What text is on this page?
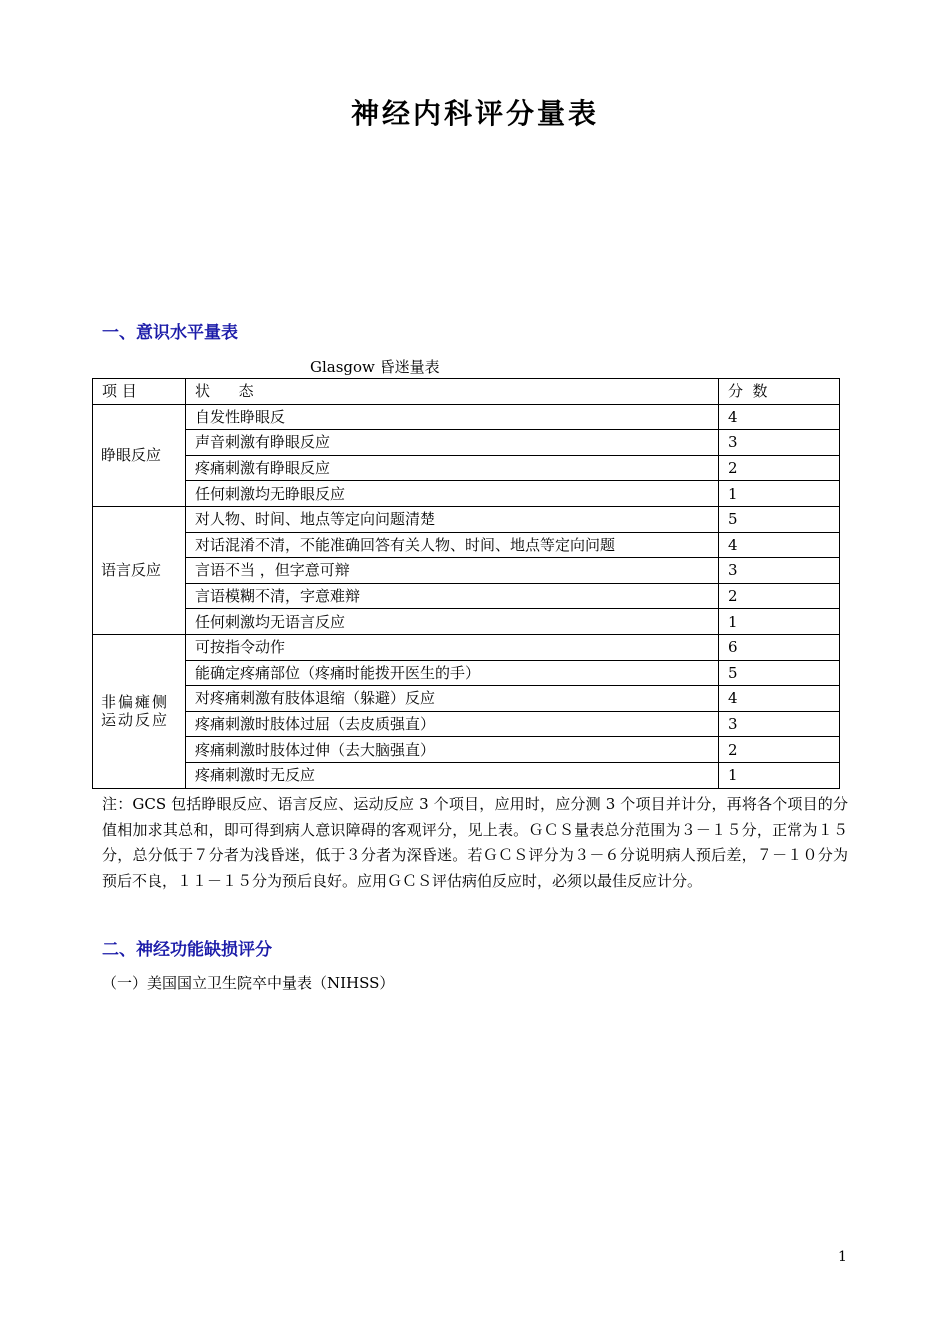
神经内科评分量表
一、意识水平量表
Glasgow 昏迷量表
项 目	状      态	分  数
睁眼反应	自发性睁眼反	4
	声音刺激有睁眼反应	3
	疼痛刺激有睁眼反应	2
	任何刺激均无睁眼反应	1
语言反应	对人物、时间、地点等定向问题清楚	5
	对话混淆不清，不能准确回答有关人物、时间、地点等定向问题	4
	言语不当 ，但字意可辩	3
	言语模糊不清，字意难辩	2
	任何刺激均无语言反应	1
非偏瘫侧运动反应	可按指令动作	6
	能确定疼痛部位（疼痛时能拨开医生的手）	5
	对疼痛刺激有肢体退缩（躲避）反应	4
	疼痛刺激时肢体过屈（去皮质强直）	3
	疼痛刺激时肢体过伸（去大脑强直）	2
	疼痛刺激时无反应	1
注：GCS 包括睁眼反应、语言反应、运动反应 3 个项目，应用时，应分测 3 个项目并计分，再将各个项目的分值相加求其总和，即可得到病人意识障碍的客观评分，见上表。ＧＣＳ量表总分范围为３－１５分，正常为１５分，总分低于７分者为浅昏迷，低于３分者为深昏迷。若ＧＣＳ评分为３－６分说明病人预后差，７－１０分为预后不良，１１－１５分为预后良好。应用ＧＣＳ评估病伯反应时，必须以最佳反应计分。
二、神经功能缺损评分
（一）美国国立卫生院卒中量表（NIHSS）
1
